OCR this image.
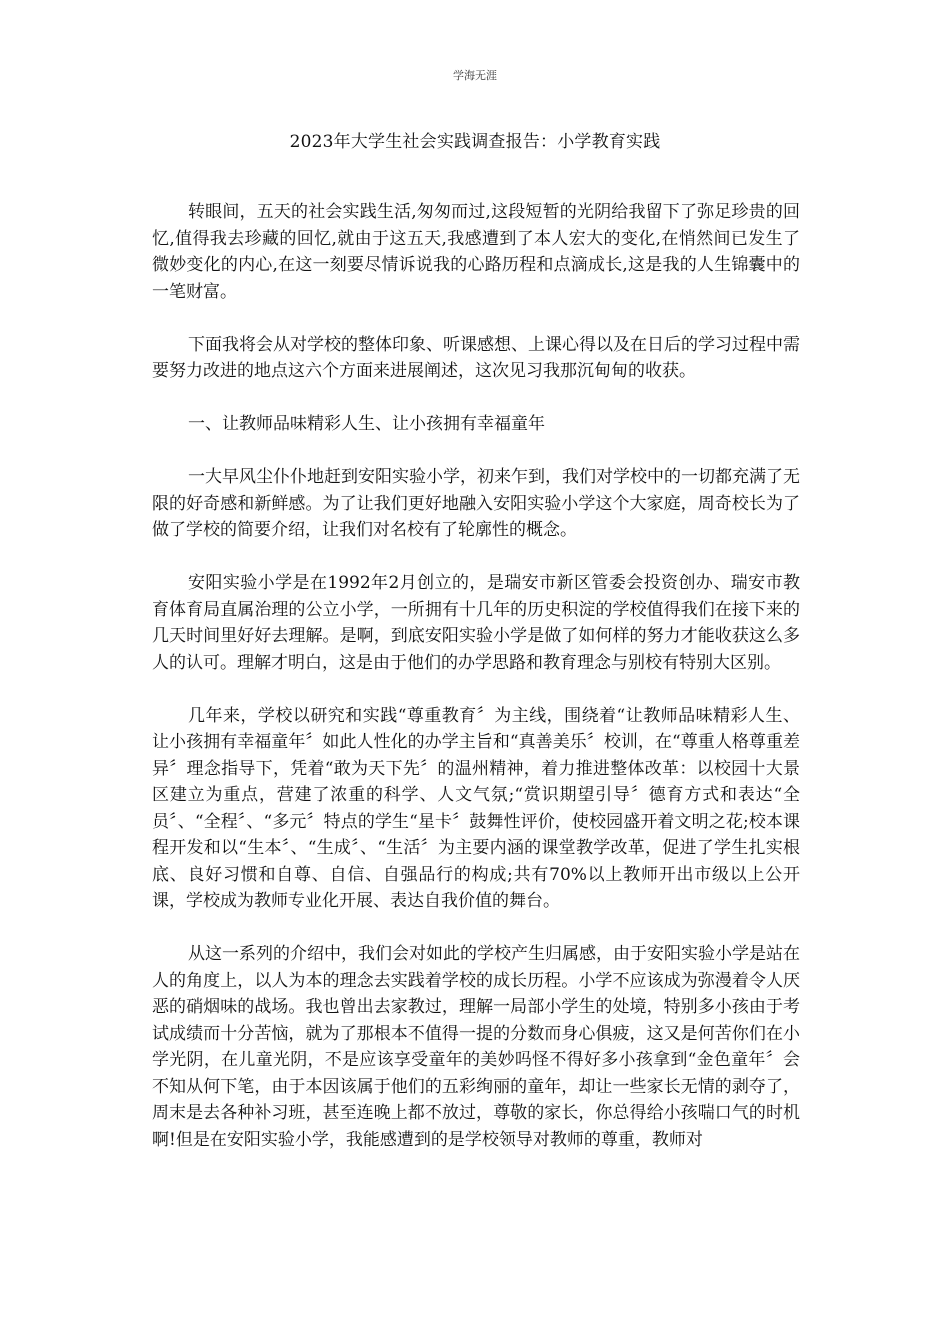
学海无涯
2023年大学生社会实践调查报告：小学教育实践

转眼间，五天的社会实践生活,匆匆而过,这段短暂的光阴给我留下了弥足珍贵的回忆,值得我去珍藏的回忆,就由于这五天,我感遭到了本人宏大的变化,在悄然间已发生了微妙变化的内心,在这一刻要尽情诉说我的心路历程和点滴成长,这是我的人生锦囊中的一笔财富。

下面我将会从对学校的整体印象、听课感想、上课心得以及在日后的学习过程中需要努力改进的地点这六个方面来进展阐述，这次见习我那沉甸甸的收获。

一、让教师品味精彩人生、让小孩拥有幸福童年

一大早风尘仆仆地赶到安阳实验小学，初来乍到，我们对学校中的一切都充满了无限的好奇感和新鲜感。为了让我们更好地融入安阳实验小学这个大家庭，周奇校长为了做了学校的简要介绍，让我们对名校有了轮廓性的概念。

安阳实验小学是在1992年2月创立的，是瑞安市新区管委会投资创办、瑞安市教育体育局直属治理的公立小学，一所拥有十几年的历史积淀的学校值得我们在接下来的几天时间里好好去理解。是啊，到底安阳实验小学是做了如何样的努力才能收获这么多人的认可。理解才明白，这是由于他们的办学思路和教育理念与别校有特别大区别。

几年来，学校以研究和实践“尊重教育〞为主线，围绕着“让教师品味精彩人生、让小孩拥有幸福童年〞如此人性化的办学主旨和“真善美乐〞校训，在“尊重人格尊重差异〞理念指导下，凭着“敢为天下先〞的温州精神，着力推进整体改革：以校园十大景区建立为重点，营建了浓重的科学、人文气氛;“赏识期望引导〞德育方式和表达“全员〞、“全程〞、“多元〞特点的学生“星卡〞鼓舞性评价，使校园盛开着文明之花;校本课程开发和以“生本〞、“生成〞、“生活〞为主要内涵的课堂教学改革，促进了学生扎实根底、良好习惯和自尊、自信、自强品行的构成;共有70%以上教师开出市级以上公开课，学校成为教师专业化开展、表达自我价值的舞台。

从这一系列的介绍中，我们会对如此的学校产生归属感，由于安阳实验小学是站在人的角度上，以人为本的理念去实践着学校的成长历程。小学不应该成为弥漫着令人厌恶的硝烟味的战场。我也曾出去家教过，理解一局部小学生的处境，特别多小孩由于考试成绩而十分苦恼，就为了那根本不值得一提的分数而身心俱疲，这又是何苦你们在小学光阴，在儿童光阴，不是应该享受童年的美妙吗怪不得好多小孩拿到“金色童年〞会不知从何下笔，由于本因该属于他们的五彩绚丽的童年，却让一些家长无情的剥夺了，周末是去各种补习班，甚至连晚上都不放过，尊敬的家长，你总得给小孩喘口气的时机啊!但是在安阳实验小学，我能感遭到的是学校领导对教师的尊重，教师对
